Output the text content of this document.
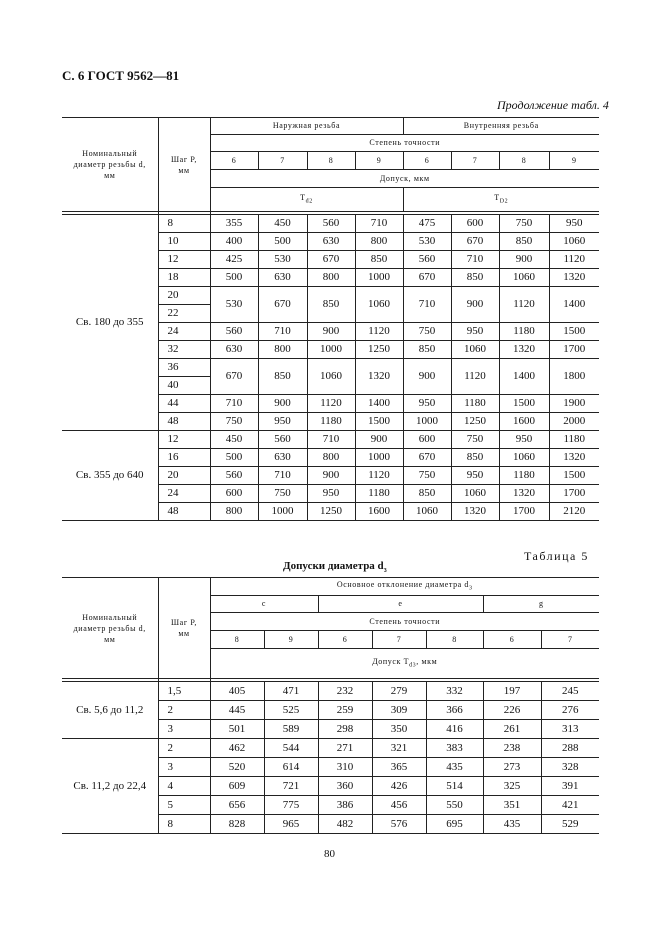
С. 6 ГОСТ 9562—81
Продолжение табл. 4
Номинальный диаметр резьбы d, мм	Шаг Р, мм	Наружная резьба				Внутренняя резьба			
		Степень точности							
		6	7	8	9	6	7	8	9
		Допуск, мкм							
		$T_{d2}$				$T_{D2}$

Св. 180 до 355	8	355	450	560	710	475	600	750	950
	10	400	500	630	800	530	670	850	1060
	12	425	530	670	850	560	710	900	1120
	18	500	630	800	1000	670	850	1060	1320
	20	530	670	850	1060	710	900	1120	1400
	22								
	24	560	710	900	1120	750	950	1180	1500
	32	630	800	1000	1250	850	1060	1320	1700
	36	670	850	1060	1320	900	1120	1400	1800
	40								
	44	710	900	1120	1400	950	1180	1500	1900
	48	750	950	1180	1500	1000	1250	1600	2000
Св. 355 до 640	12	450	560	710	900	600	750	950	1180
	16	500	630	800	1000	670	850	1060	1320
	20	560	710	900	1120	750	950	1180	1500
	24	600	750	950	1180	850	1060	1320	1700
	48	800	1000	1250	1600	1060	1320	1700	2120
Таблица 5
Допуски диаметра $d_3$
Номинальный диаметр резьбы d, мм	Шаг Р, мм	Основное отклонение диаметра $d_3$
		c		e			g	
		Степень точности						
		8	9	6	7	8	6	7
		Допуск $T_{d3}$, мкм						

Св. 5,6 до 11,2	1,5	405	471	232	279	332	197	245
	2	445	525	259	309	366	226	276
	3	501	589	298	350	416	261	313
Св. 11,2 до 22,4	2	462	544	271	321	383	238	288
	3	520	614	310	365	435	273	328
	4	609	721	360	426	514	325	391
	5	656	775	386	456	550	351	421
	8	828	965	482	576	695	435	529
80
